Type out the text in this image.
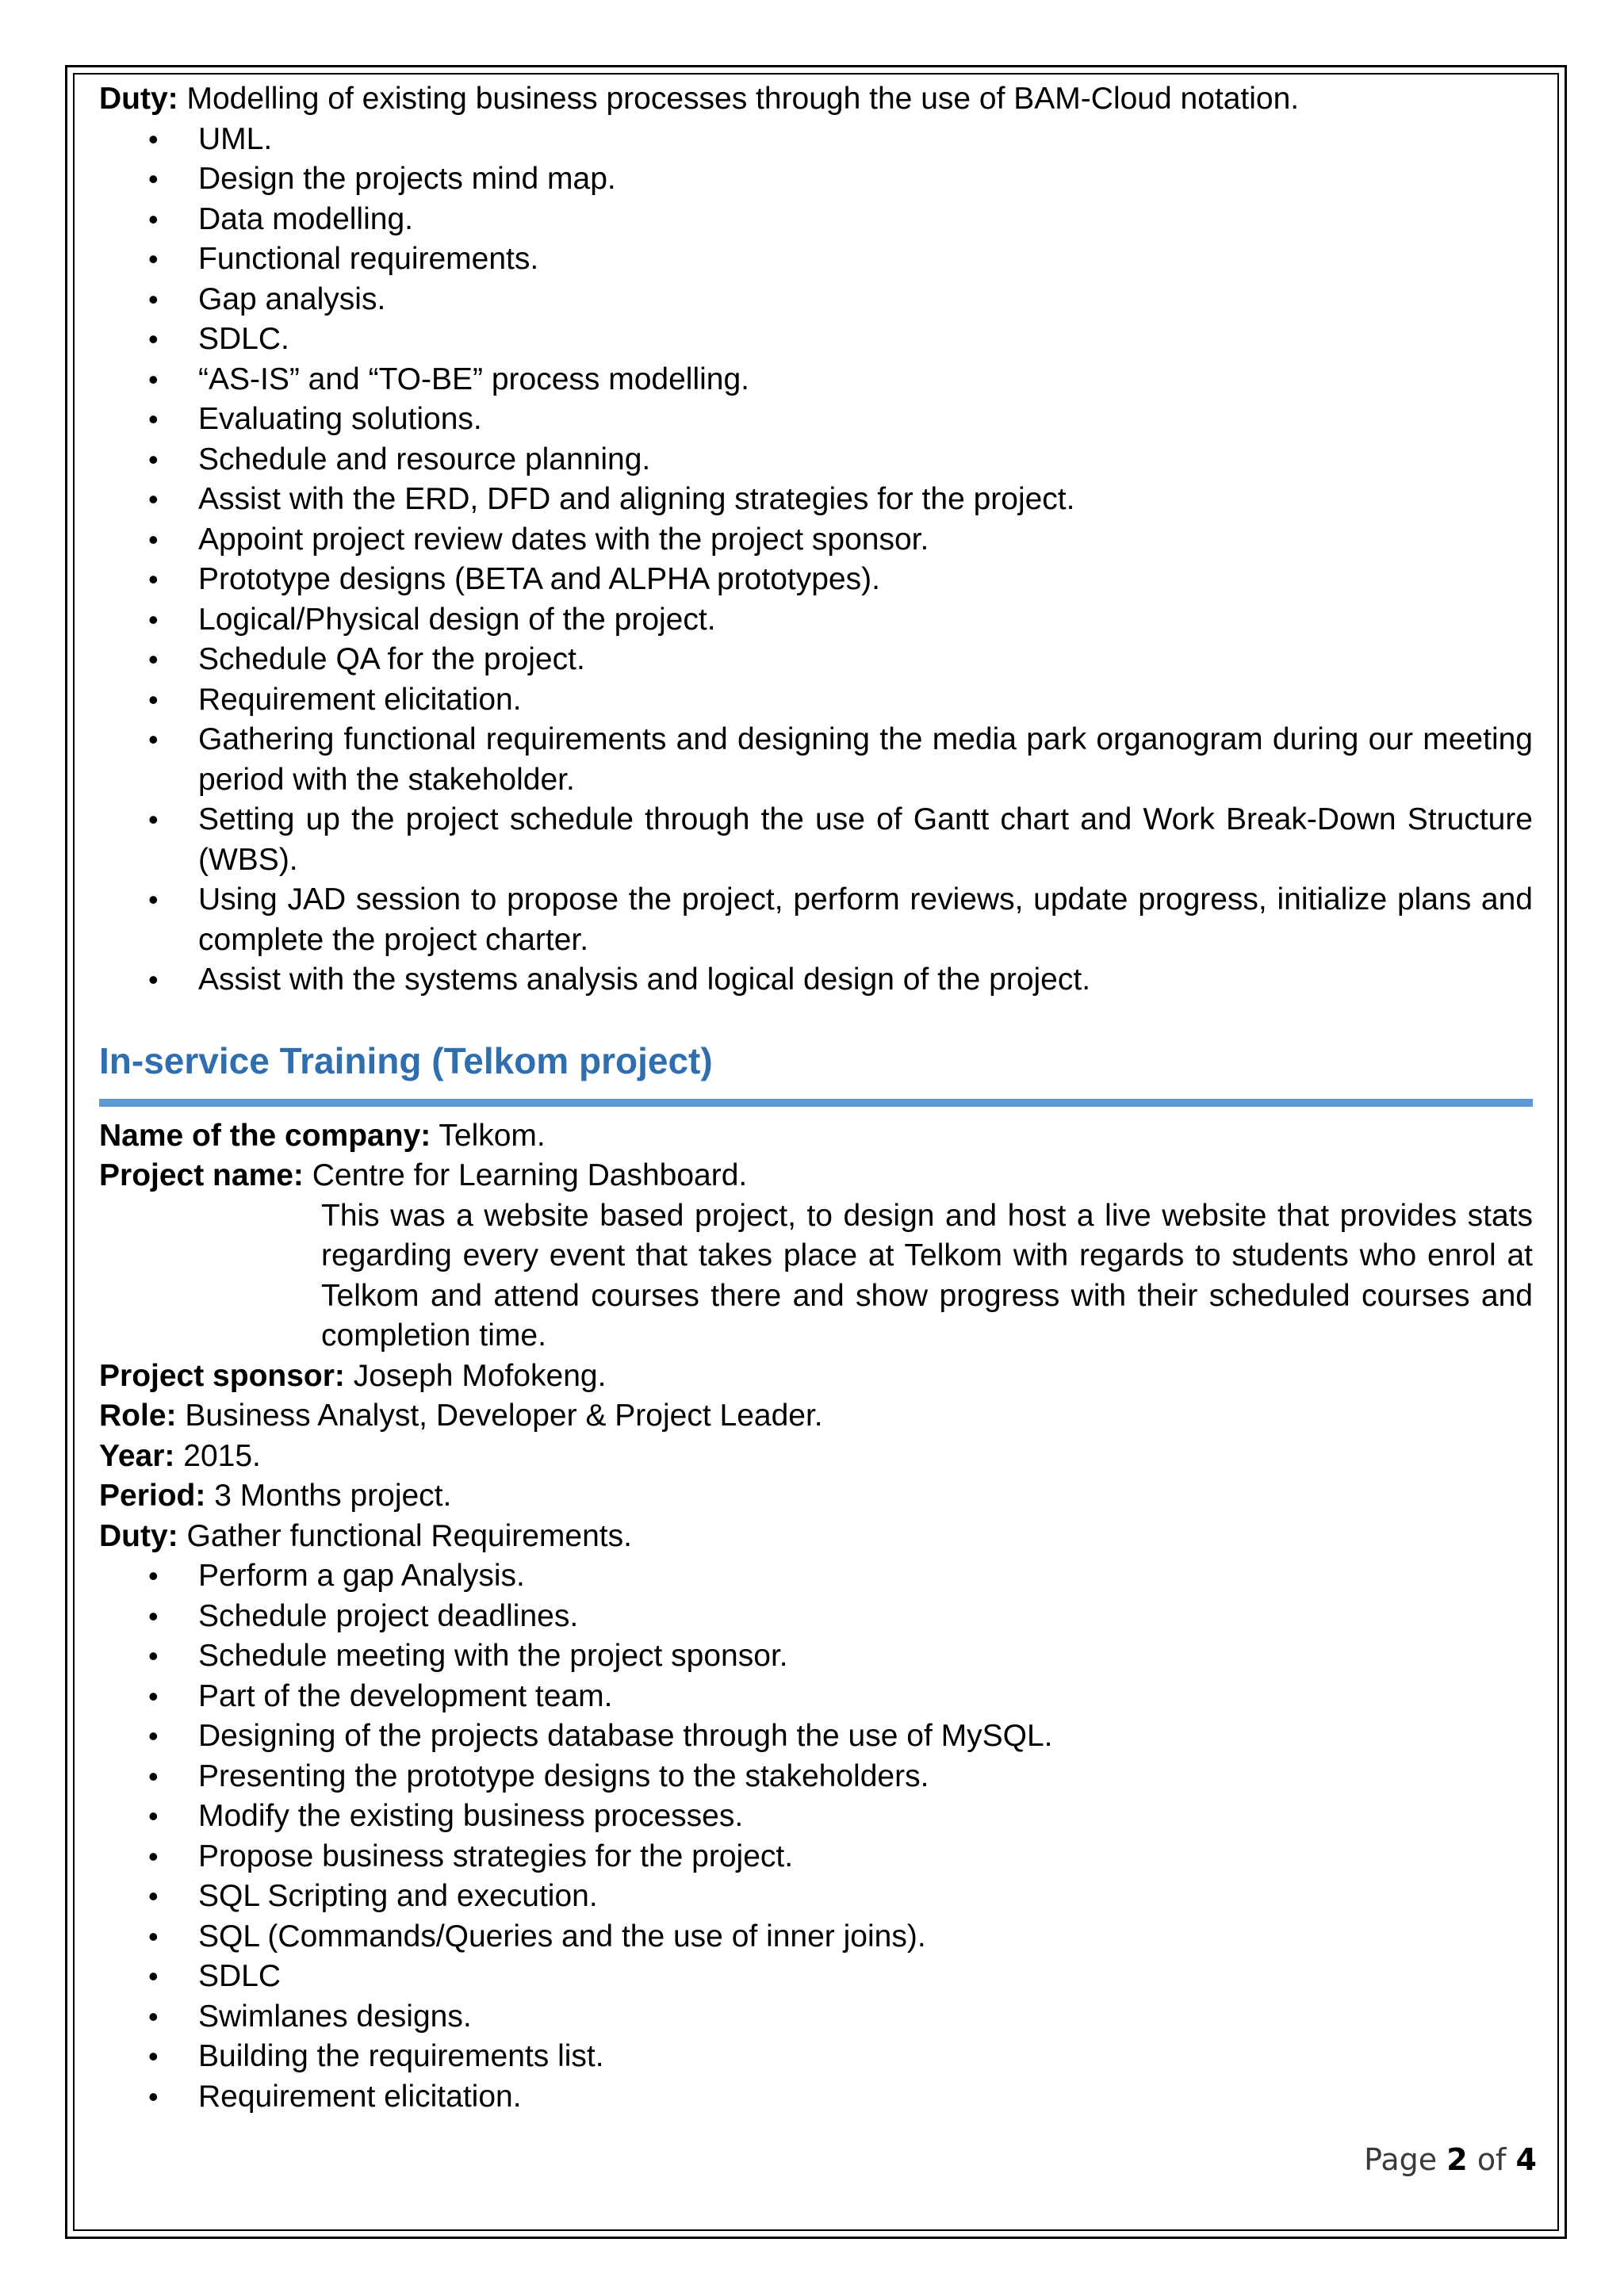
Duty: Modelling of existing business processes through the use of BAM-Cloud notation.
• UML.
• Design the projects mind map.
• Data modelling.
• Functional requirements.
• Gap analysis.
• SDLC.
• “AS-IS” and “TO-BE” process modelling.
• Evaluating solutions.
• Schedule and resource planning.
• Assist with the ERD, DFD and aligning strategies for the project.
• Appoint project review dates with the project sponsor.
• Prototype designs (BETA and ALPHA prototypes).
• Logical/Physical design of the project.
• Schedule QA for the project.
• Requirement elicitation.
• Gathering functional requirements and designing the media park organogram during our meeting period with the stakeholder.
• Setting up the project schedule through the use of Gantt chart and Work Break-Down Structure (WBS).
• Using JAD session to propose the project, perform reviews, update progress, initialize plans and complete the project charter.
• Assist with the systems analysis and logical design of the project.
In-service Training (Telkom project)
Name of the company: Telkom.
Project name: Centre for Learning Dashboard.
This was a website based project, to design and host a live website that provides stats regarding every event that takes place at Telkom with regards to students who enrol at Telkom and attend courses there and show progress with their scheduled courses and completion time.
Project sponsor: Joseph Mofokeng.
Role: Business Analyst, Developer & Project Leader.
Year: 2015.
Period: 3 Months project.
Duty: Gather functional Requirements.
• Perform a gap Analysis.
• Schedule project deadlines.
• Schedule meeting with the project sponsor.
• Part of the development team.
• Designing of the projects database through the use of MySQL.
• Presenting the prototype designs to the stakeholders.
• Modify the existing business processes.
• Propose business strategies for the project.
• SQL Scripting and execution.
• SQL (Commands/Queries and the use of inner joins).
• SDLC
• Swimlanes designs.
• Building the requirements list.
• Requirement elicitation.
Page 2 of 4
